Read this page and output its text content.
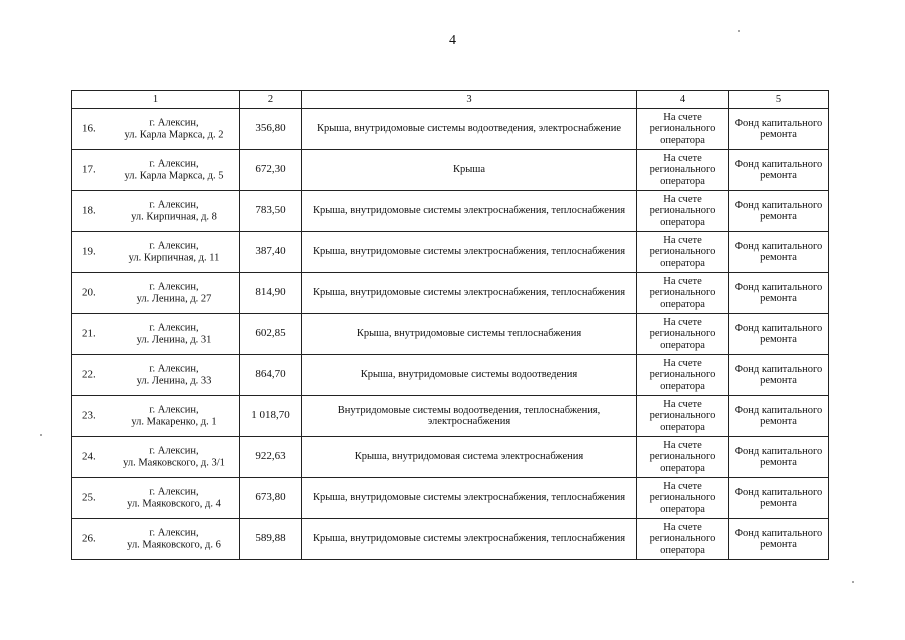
4
1	2	3	4	5

16. г. Алексин,
ул. Карла Маркса, д. 2	356,80	Крыша, внутридомовые системы водоотведения, электроснабжение	На счете регионального оператора	Фонд капитального ремонта

17. г. Алексин,
ул. Карла Маркса, д. 5	672,30	Крыша	На счете регионального оператора	Фонд капитального ремонта

18. г. Алексин,
ул. Кирпичная, д. 8	783,50	Крыша, внутридомовые системы электроснабжения, теплоснабжения	На счете регионального оператора	Фонд капитального ремонта

19. г. Алексин,
ул. Кирпичная, д. 11	387,40	Крыша, внутридомовые системы электроснабжения, теплоснабжения	На счете регионального оператора	Фонд капитального ремонта

20. г. Алексин,
ул. Ленина, д. 27	814,90	Крыша, внутридомовые системы электроснабжения, теплоснабжения	На счете регионального оператора	Фонд капитального ремонта

21. г. Алексин,
ул. Ленина, д. 31	602,85	Крыша, внутридомовые системы теплоснабжения	На счете регионального оператора	Фонд капитального ремонта

22. г. Алексин,
ул. Ленина, д. 33	864,70	Крыша, внутридомовые системы водоотведения	На счете регионального оператора	Фонд капитального ремонта

23. г. Алексин,
ул. Макаренко, д. 1	1 018,70	Внутридомовые системы водоотведения, теплоснабжения, электроснабжения	На счете регионального оператора	Фонд капитального ремонта

24. г. Алексин,
ул. Маяковского, д. 3/1	922,63	Крыша, внутридомовая система электроснабжения	На счете регионального оператора	Фонд капитального ремонта

25. г. Алексин,
ул. Маяковского, д. 4	673,80	Крыша, внутридомовые системы электроснабжения, теплоснабжения	На счете регионального оператора	Фонд капитального ремонта

26. г. Алексин,
ул. Маяковского, д. 6	589,88	Крыша, внутридомовые системы электроснабжения, теплоснабжения	На счете регионального оператора	Фонд капитального ремонта
